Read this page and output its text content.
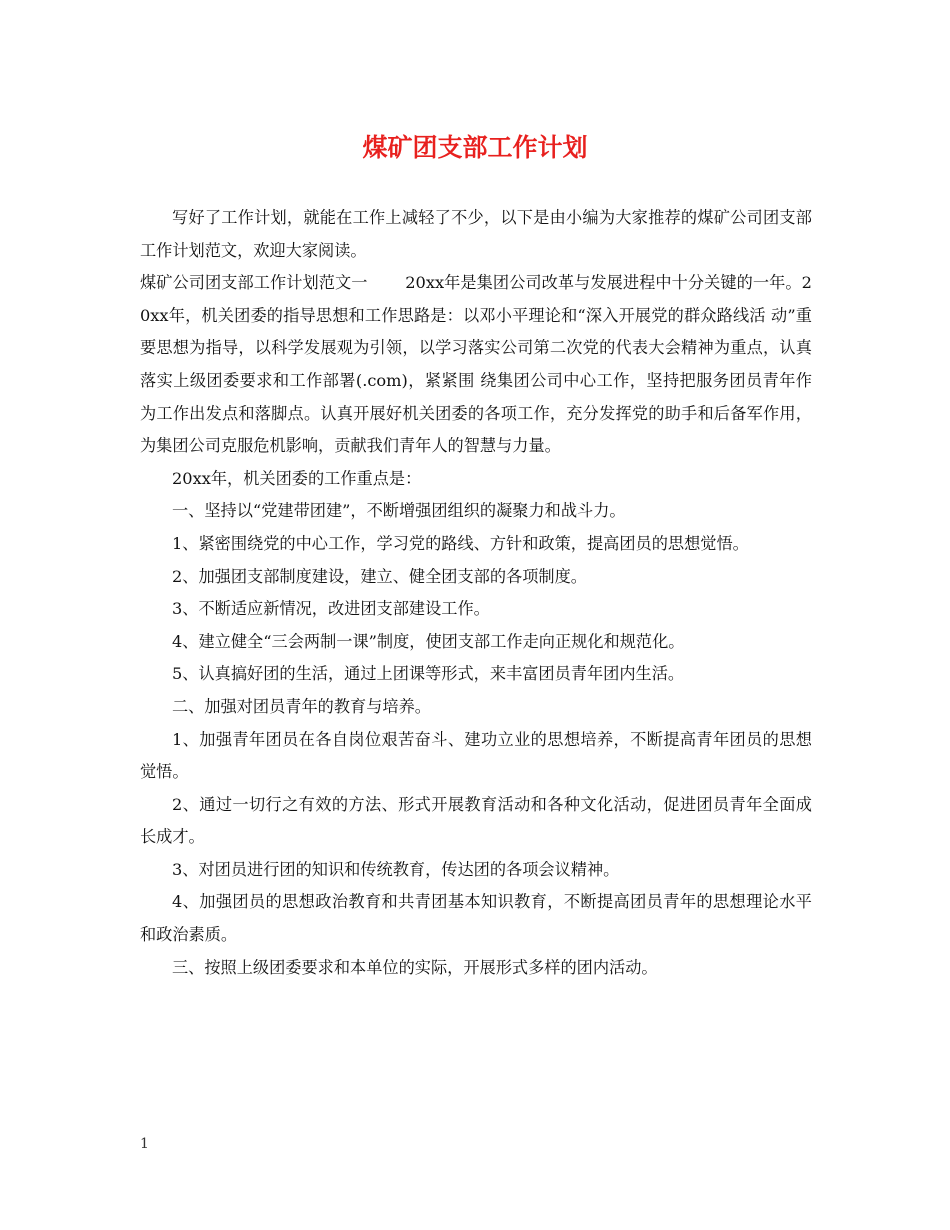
煤矿团支部工作计划

写好了工作计划，就能在工作上减轻了不少，以下是由小编为大家推荐的煤矿公司团支部工作计划范文，欢迎大家阅读。

煤矿公司团支部工作计划范文一　　 20xx年是集团公司改革与发展进程中十分关键的一年。20xx年，机关团委的指导思想和工作思路是：以邓小平理论和“深入开展党的群众路线活 动”重要思想为指导，以科学发展观为引领，以学习落实公司第二次党的代表大会精神为重点，认真落实上级团委要求和工作部署(.com)，紧紧围 绕集团公司中心工作，坚持把服务团员青年作为工作出发点和落脚点。认真开展好机关团委的各项工作，充分发挥党的助手和后备军作用，为集团公司克服危机影响，贡献我们青年人的智慧与力量。

20xx年，机关团委的工作重点是：

一、坚持以“党建带团建”，不断增强团组织的凝聚力和战斗力。

1、紧密围绕党的中心工作，学习党的路线、方针和政策，提高团员的思想觉悟。

2、加强团支部制度建设，建立、健全团支部的各项制度。

3、不断适应新情况，改进团支部建设工作。

4、建立健全“三会两制一课”制度，使团支部工作走向正规化和规范化。

5、认真搞好团的生活，通过上团课等形式，来丰富团员青年团内生活。

二、加强对团员青年的教育与培养。

1、加强青年团员在各自岗位艰苦奋斗、建功立业的思想培养，不断提高青年团员的思想觉悟。

2、通过一切行之有效的方法、形式开展教育活动和各种文化活动，促进团员青年全面成长成才。

3、对团员进行团的知识和传统教育，传达团的各项会议精神。

4、加强团员的思想政治教育和共青团基本知识教育，不断提高团员青年的思想理论水平和政治素质。

三、按照上级团委要求和本单位的实际，开展形式多样的团内活动。

1
